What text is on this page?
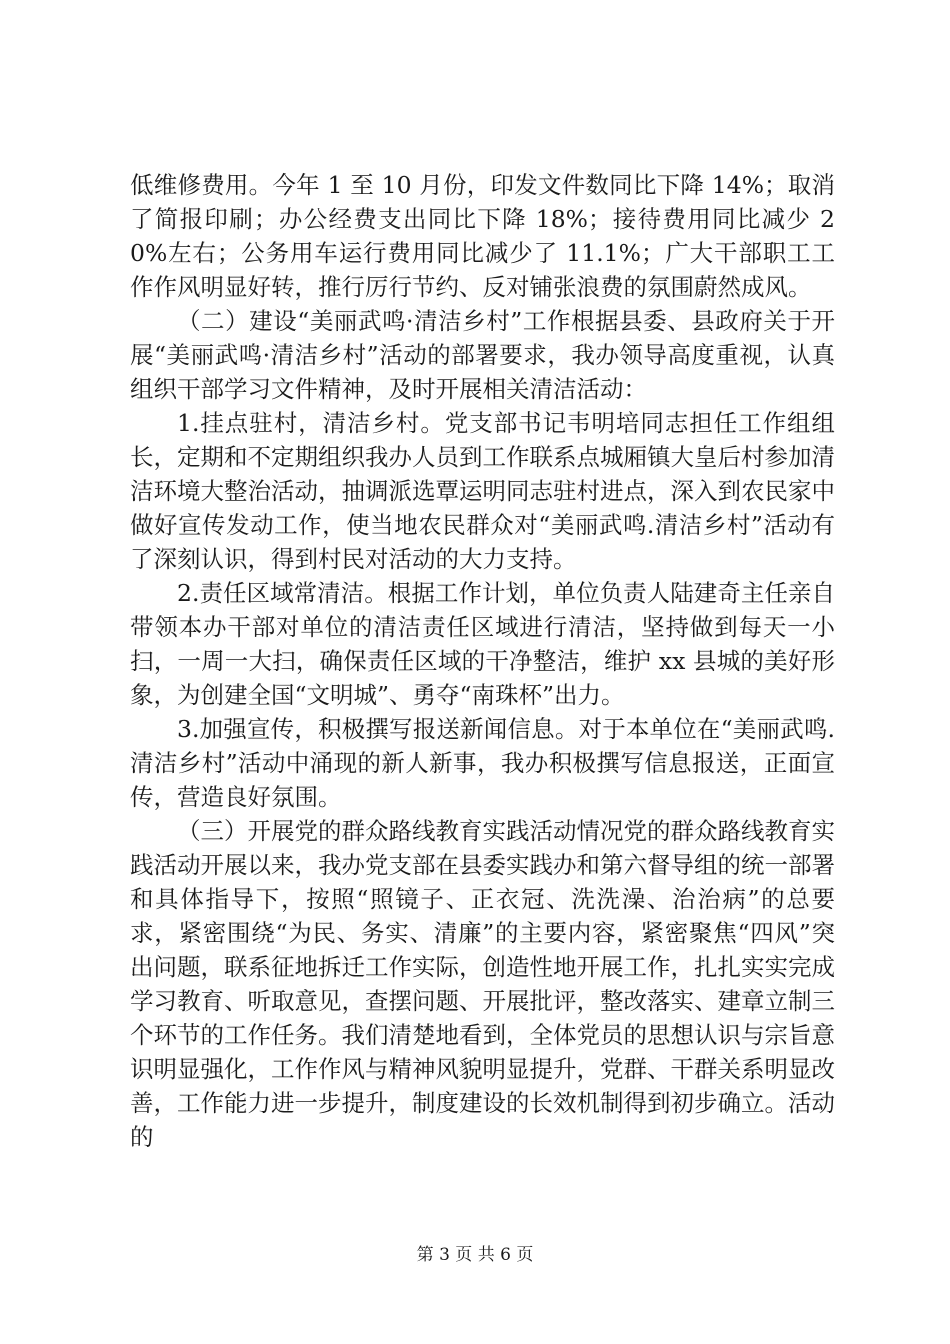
低维修费用。今年 1 至 10 月份，印发文件数同比下降 14%；取消了简报印刷；办公经费支出同比下降 18%；接待费用同比减少 20%左右；公务用车运行费用同比减少了 11.1%；广大干部职工工作作风明显好转，推行厉行节约、反对铺张浪费的氛围蔚然成风。

（二）建设“美丽武鸣·清洁乡村”工作根据县委、县政府关于开展“美丽武鸣·清洁乡村”活动的部署要求，我办领导高度重视，认真组织干部学习文件精神，及时开展相关清洁活动：

1.挂点驻村，清洁乡村。党支部书记韦明培同志担任工作组组长，定期和不定期组织我办人员到工作联系点城厢镇大皇后村参加清洁环境大整治活动，抽调派选覃运明同志驻村进点，深入到农民家中做好宣传发动工作，使当地农民群众对“美丽武鸣.清洁乡村”活动有了深刻认识，得到村民对活动的大力支持。

2.责任区域常清洁。根据工作计划，单位负责人陆建奇主任亲自带领本办干部对单位的清洁责任区域进行清洁，坚持做到每天一小扫，一周一大扫，确保责任区域的干净整洁，维护 xx 县城的美好形象，为创建全国“文明城”、勇夺“南珠杯”出力。

3.加强宣传，积极撰写报送新闻信息。对于本单位在“美丽武鸣.清洁乡村”活动中涌现的新人新事，我办积极撰写信息报送，正面宣传，营造良好氛围。

（三）开展党的群众路线教育实践活动情况党的群众路线教育实践活动开展以来，我办党支部在县委实践办和第六督导组的统一部署和具体指导下，按照“照镜子、正衣冠、洗洗澡、治治病”的总要求，紧密围绕“为民、务实、清廉”的主要内容，紧密聚焦“四风”突出问题，联系征地拆迁工作实际，创造性地开展工作，扎扎实实完成学习教育、听取意见，查摆问题、开展批评，整改落实、建章立制三个环节的工作任务。我们清楚地看到，全体党员的思想认识与宗旨意识明显强化，工作作风与精神风貌明显提升，党群、干群关系明显改善，工作能力进一步提升，制度建设的长效机制得到初步确立。活动的

第 3 页 共 6 页
